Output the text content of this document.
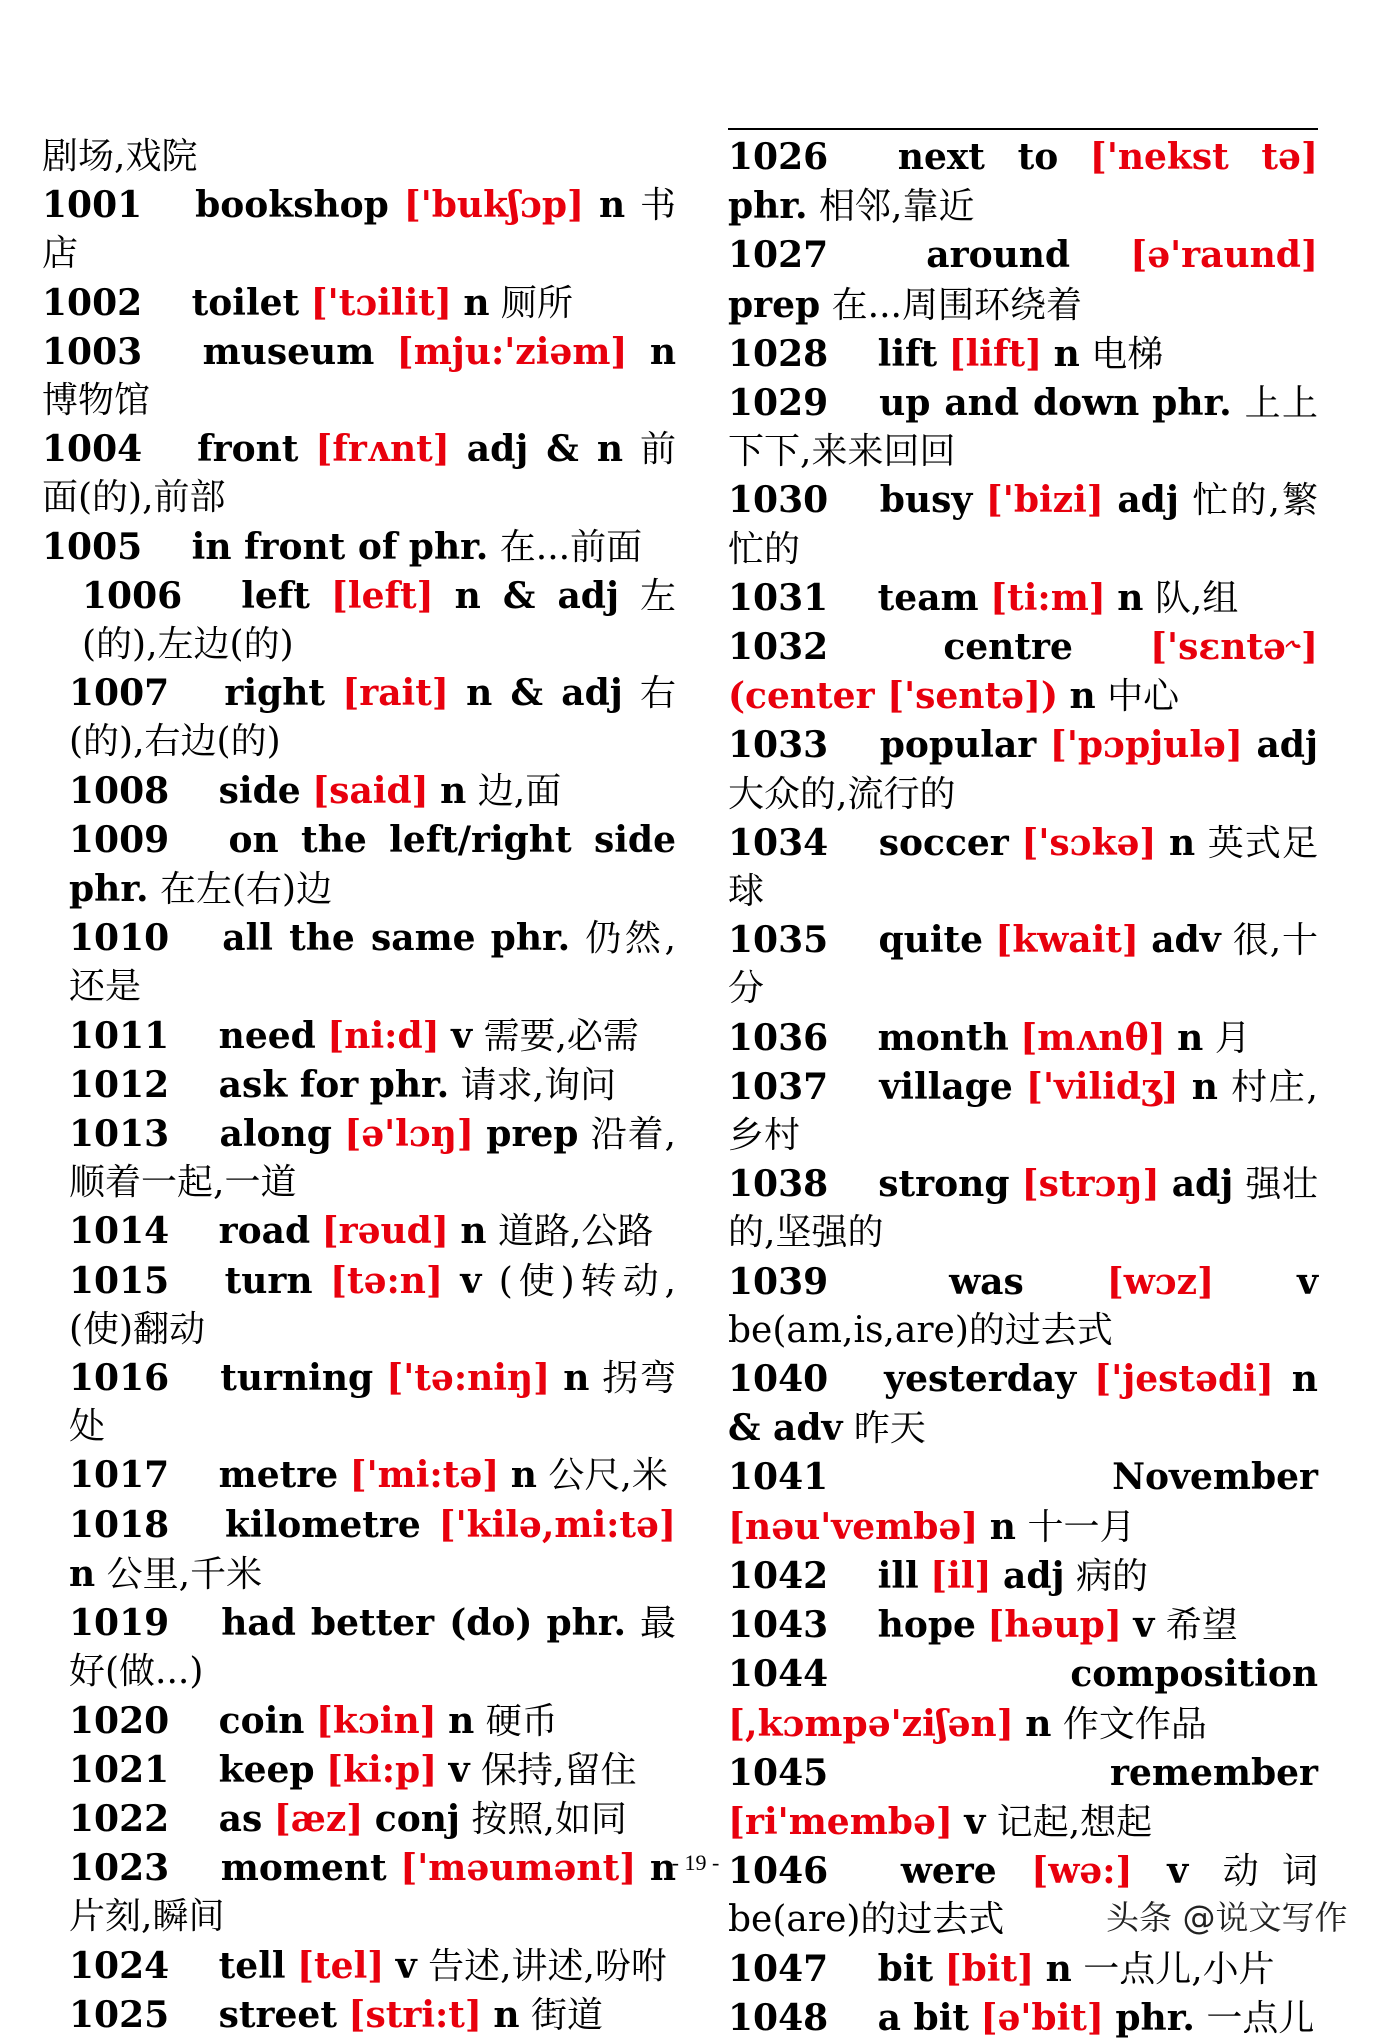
剧场,戏院

1001 bookshop ['bukʃɔp] n 书店

1002 toilet ['tɔilit] n 厕所

1003 museum [mju:'ziəm] n 博物馆

1004 front [frʌnt] adj & n 前面(的),前部

1005 in front of phr. 在...前面

1006 left [left] n & adj 左(的),左边(的)

1007 right [rait] n & adj 右(的),右边(的)

1008 side [said] n 边,面

1009 on the left/right side phr. 在左(右)边

1010 all the same phr. 仍然,还是

1011 need [ni:d] v 需要,必需

1012 ask for phr. 请求,询问

1013 along [ə'lɔŋ] prep 沿着,顺着一起,一道

1014 road [rəud] n 道路,公路

1015 turn [tə:n] v (使)转动,(使)翻动

1016 turning ['tə:niŋ] n 拐弯处

1017 metre ['mi:tə] n 公尺,米

1018 kilometre ['kilə,mi:tə] n 公里,千米

1019 had better (do) phr. 最好(做...)

1020 coin [kɔin] n 硬币

1021 keep [ki:p] v 保持,留住

1022 as [æz] conj 按照,如同

1023 moment ['məumənt] n 片刻,瞬间

1024 tell [tel] v 告述,讲述,吩咐

1025 street [stri:t] n 街道

1026 next to ['nekst tə] phr. 相邻,靠近

1027	around [ə'raund] prep 在...周围环绕着

1028 lift [lift] n 电梯

1029 up and down phr. 上上下下,来来回回

1030 busy ['bizi] adj 忙的,繁忙的

1031 team [ti:m] n 队,组

1032	centre ['sɛntə˞] (center ['sentə]) n 中心

1033 popular ['pɔpjulə] adj 大众的,流行的

1034 soccer ['sɔkə] n 英式足球

1035 quite [kwait] adv 很,十分

1036 month [mʌnθ] n 月

1037 village ['vilidʒ] n 村庄,乡村

1038 strong [strɔŋ] adj 强壮的,坚强的

1039	was [wɔz] v be(am,is,are)的过去式

1040 yesterday ['jestədi] n & adv 昨天

1041	November [nəu'vembə] n 十一月

1042 ill [il] adj 病的

1043 hope [həup] v 希望

1044	composition [,kɔmpə'ziʃən] n 作文作品

1045	remember [ri'membə] v 记起,想起

1046 were [wə:] v 动词 be(are)的过去式

1047 bit [bit] n 一点儿,小片

1048 a bit [ə'bit] phr. 一点儿

- 19 -
头条 @说文写作
